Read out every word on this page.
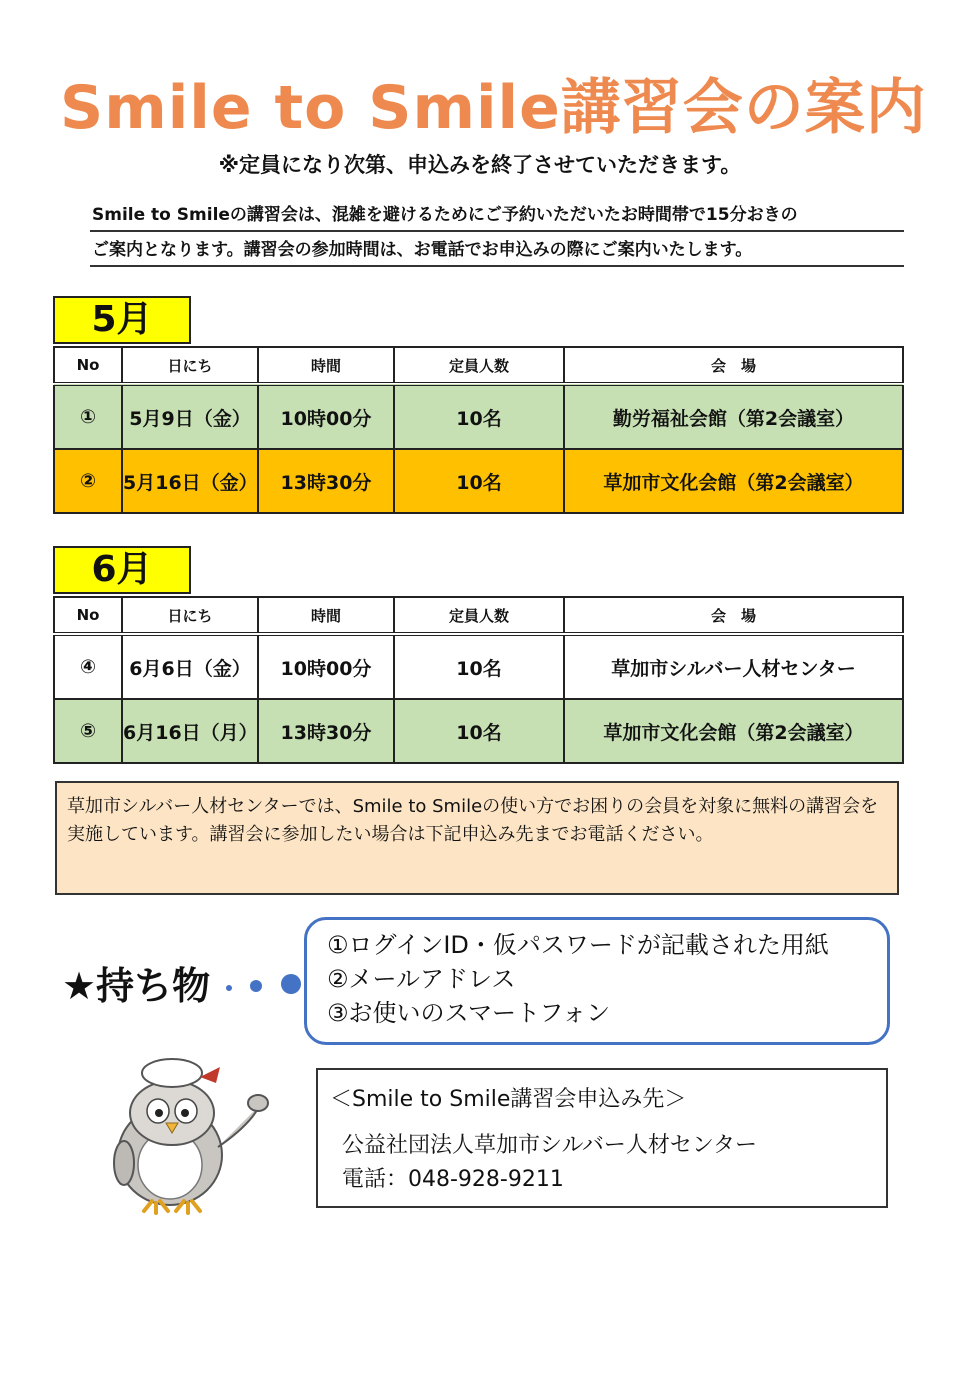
Smile to Smile講習会の案内
※定員になり次第、申込みを終了させていただきます。
Smile to Smileの講習会は、混雑を避けるためにご予約いただいたお時間帯で15分おきの
ご案内となります。講習会の参加時間は、お電話でお申込みの際にご案内いたします。
5月
No	日にち	時間	定員人数	会　場
①	5月9日（金）	10時00分	10名	勤労福祉会館（第2会議室）
②	5月16日（金）	13時30分	10名	草加市文化会館（第2会議室）
6月
No	日にち	時間	定員人数	会　場
④	6月6日（金）	10時00分	10名	草加市シルバー人材センター
⑤	6月16日（月）	13時30分	10名	草加市文化会館（第2会議室）
草加市シルバー人材センターでは、Smile to Smileの使い方でお困りの会員を対象に無料の講習会を実施しています。講習会に参加したい場合は下記申込み先までお電話ください。
★持ち物
①ログインID・仮パスワードが記載された用紙
②メールアドレス
③お使いのスマートフォン
＜Smile to Smile講習会申込み先＞
公益社団法人草加市シルバー人材センター
電話：048-928-9211
